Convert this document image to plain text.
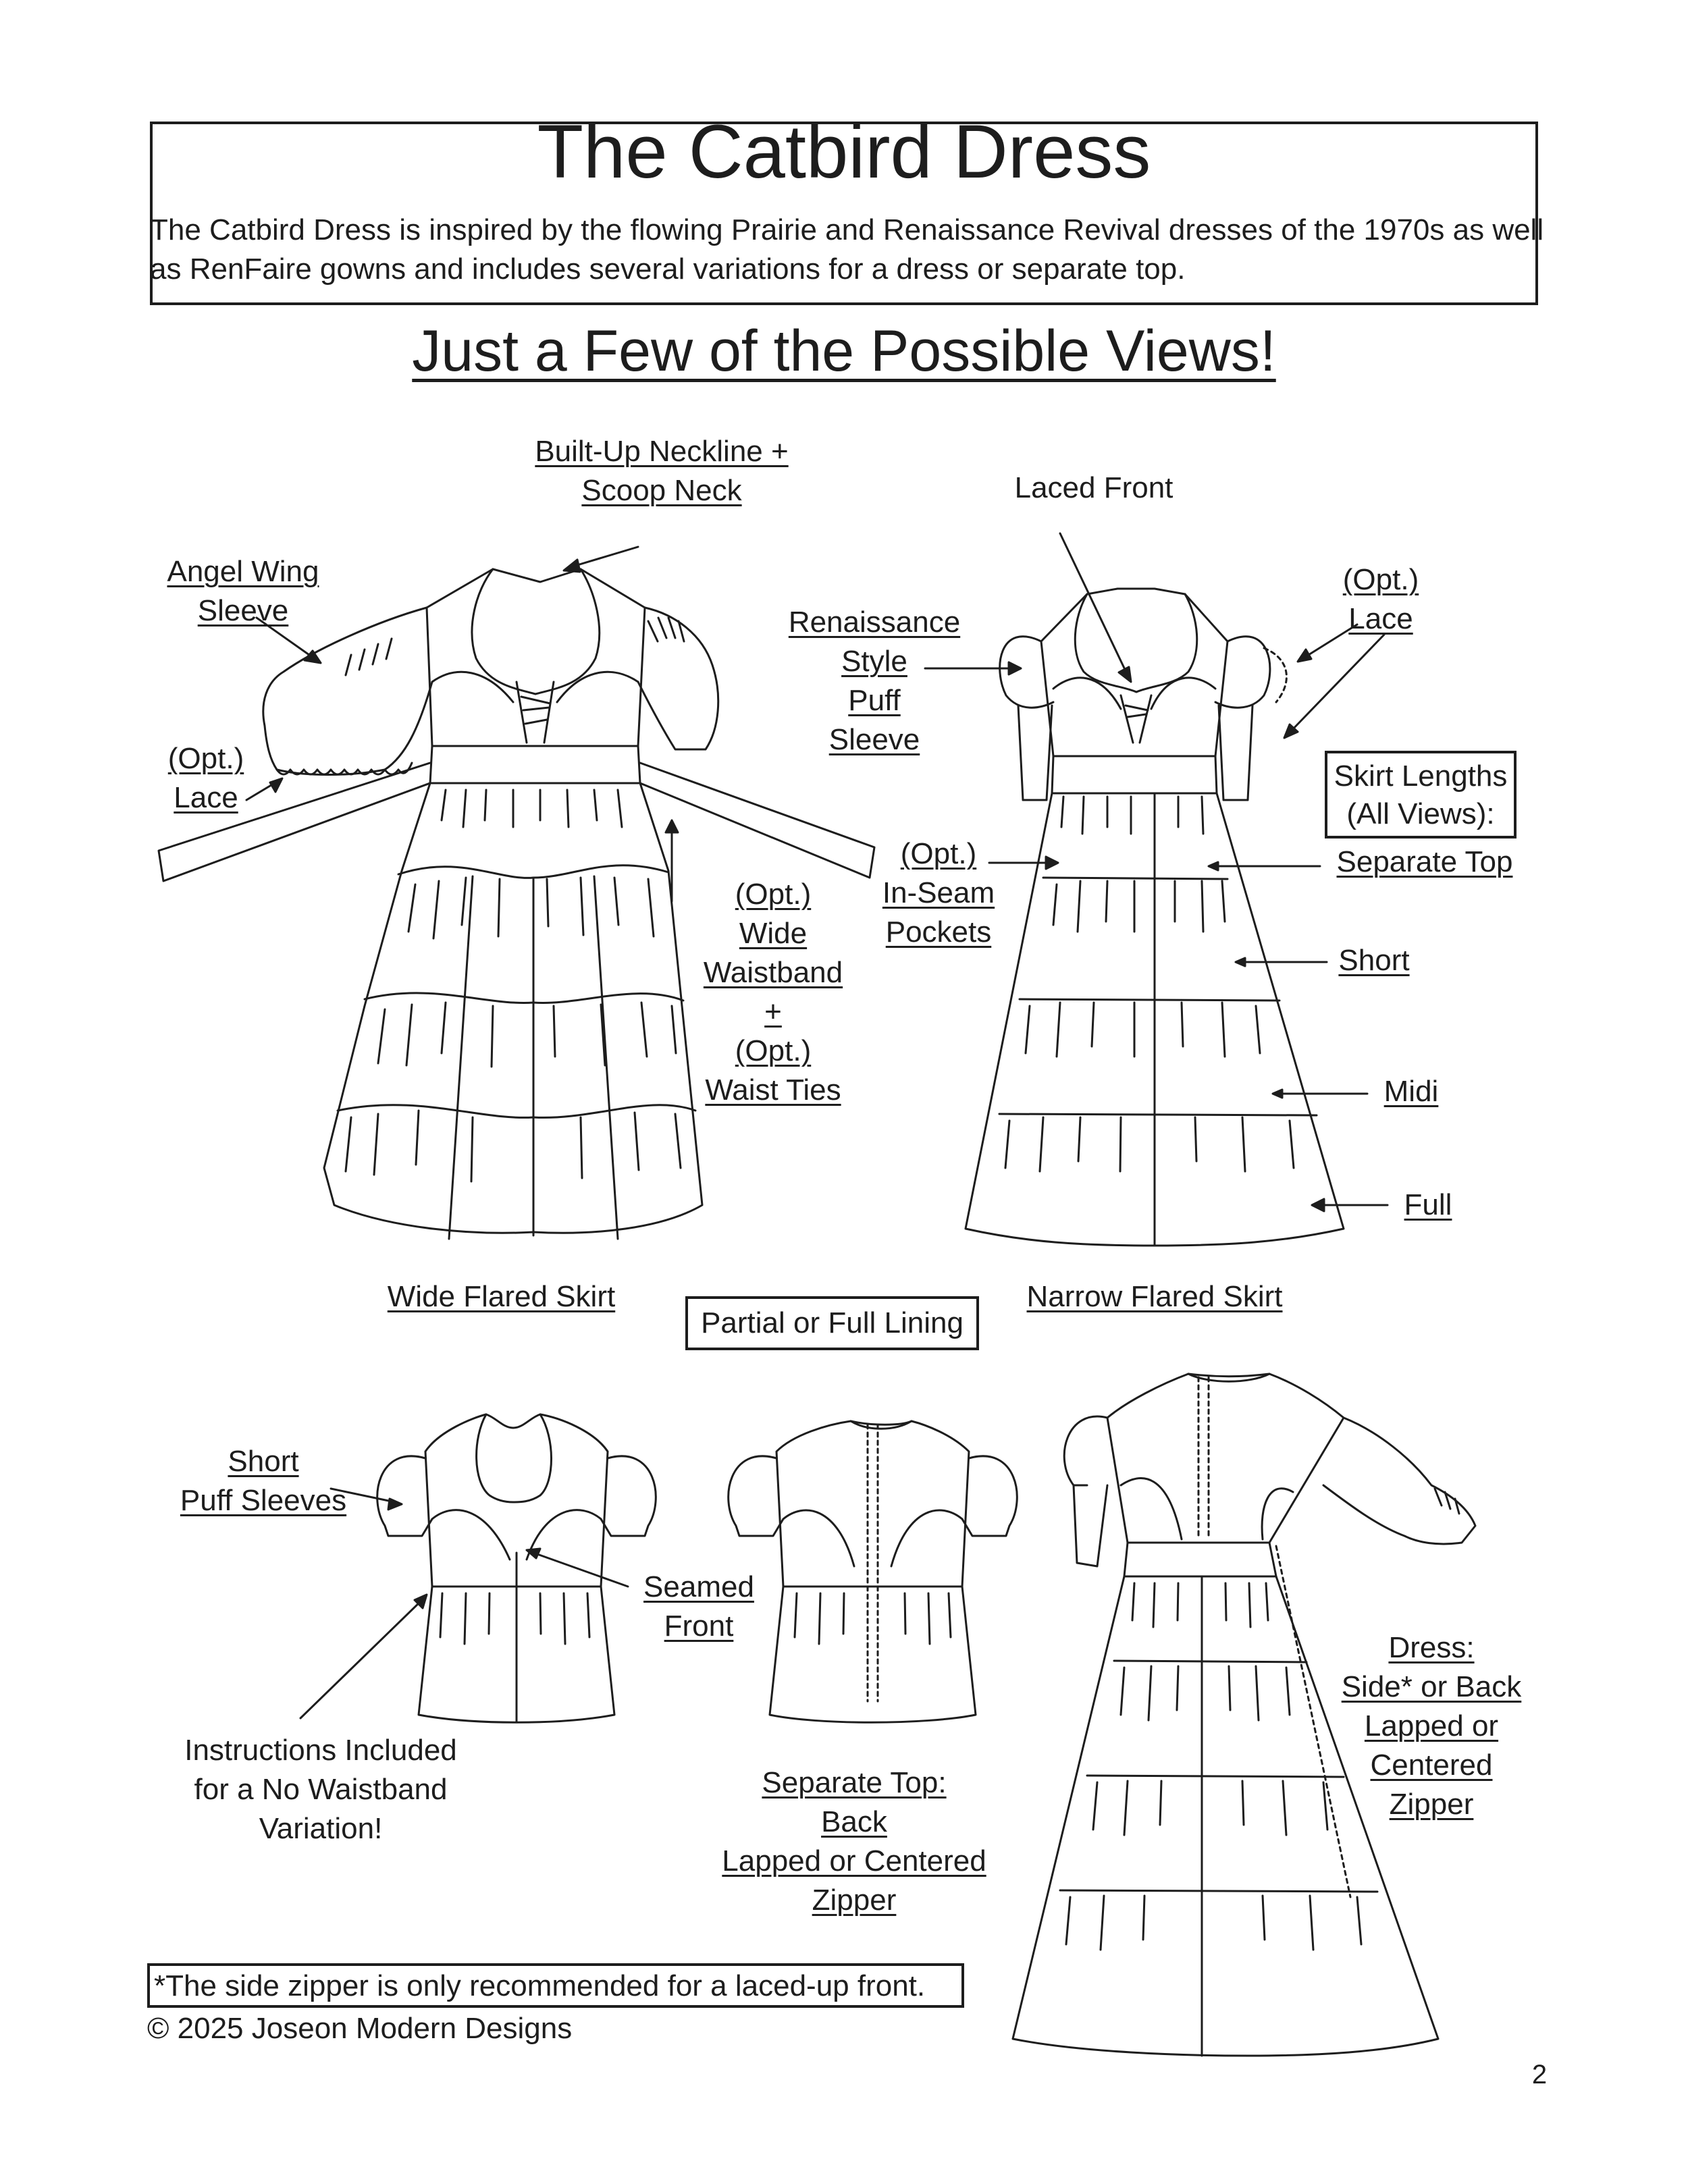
The Catbird Dress
The Catbird Dress is inspired by the flowing Prairie and Renaissance Revival dresses of the 1970s as well
as RenFaire gowns and includes several variations for a dress or separate top.
Just a Few of the Possible Views!
Built-Up Neckline +
Scoop Neck
Angel Wing
Sleeve
(Opt.)
Lace
(Opt.)
Wide
Waistband
+
(Opt.)
Waist Ties
Laced Front
Renaissance
Style
Puff
Sleeve
(Opt.)
Lace
(Opt.)
In-Seam
Pockets
Skirt Lengths
(All Views):
Separate Top
Short
Midi
Full
Wide Flared Skirt	Narrow Flared Skirt
Partial or Full Lining
Short
Puff Sleeves
Seamed
Front
Instructions Included
for a No Waistband
Variation!
Separate Top:
Back
Lapped or Centered
Zipper
Dress:
Side* or Back
Lapped or
Centered
Zipper
*The side zipper is only recommended for a laced-up front.
© 2025 Joseon Modern Designs
2
